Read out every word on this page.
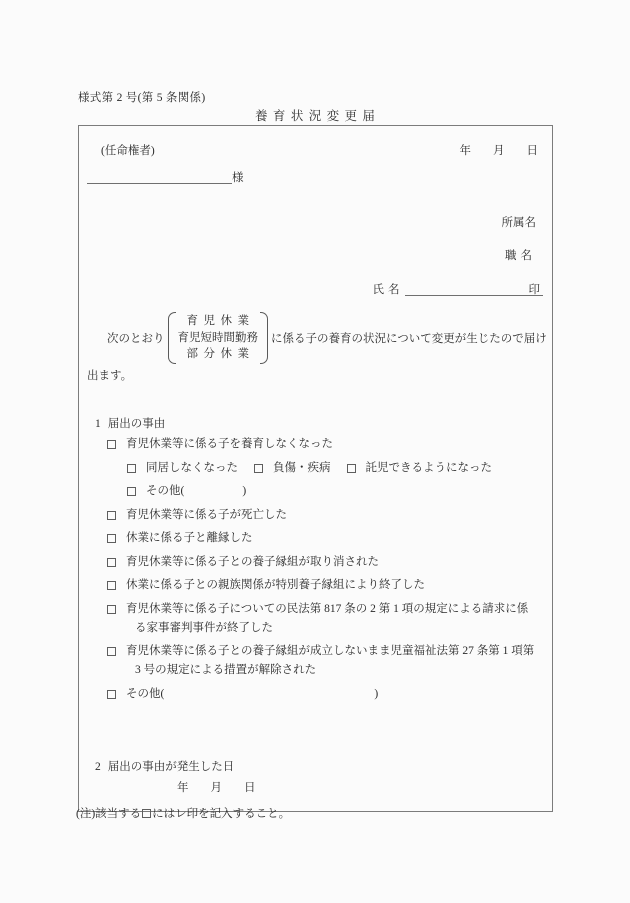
様式第 2 号(第 5 条関係)
養育状況変更届
(任命権者)	年 月 日
様
所属名
職名
氏名	印
次のとおり
育児休業
育児短時間勤務
部分休業
に係る子の養育の状況について変更が生じたので届け
出ます。
1 届出の事由
育児休業等に係る子を養育しなくなった
同居しなくなった	負傷・疾病	託児できるようになった
その他(	)
育児休業等に係る子が死亡した
休業に係る子と離縁した
育児休業等に係る子との養子縁組が取り消された
休業に係る子との親族関係が特別養子縁組により終了した
育児休業等に係る子についての民法第 817 条の 2 第 1 項の規定による請求に係
る家事審判事件が終了した
育児休業等に係る子との養子縁組が成立しないまま児童福祉法第 27 条第 1 項第
3 号の規定による措置が解除された
その他(	)
2 届出の事由が発生した日
年 月 日
(注)該当する にはレ印を記入すること。
